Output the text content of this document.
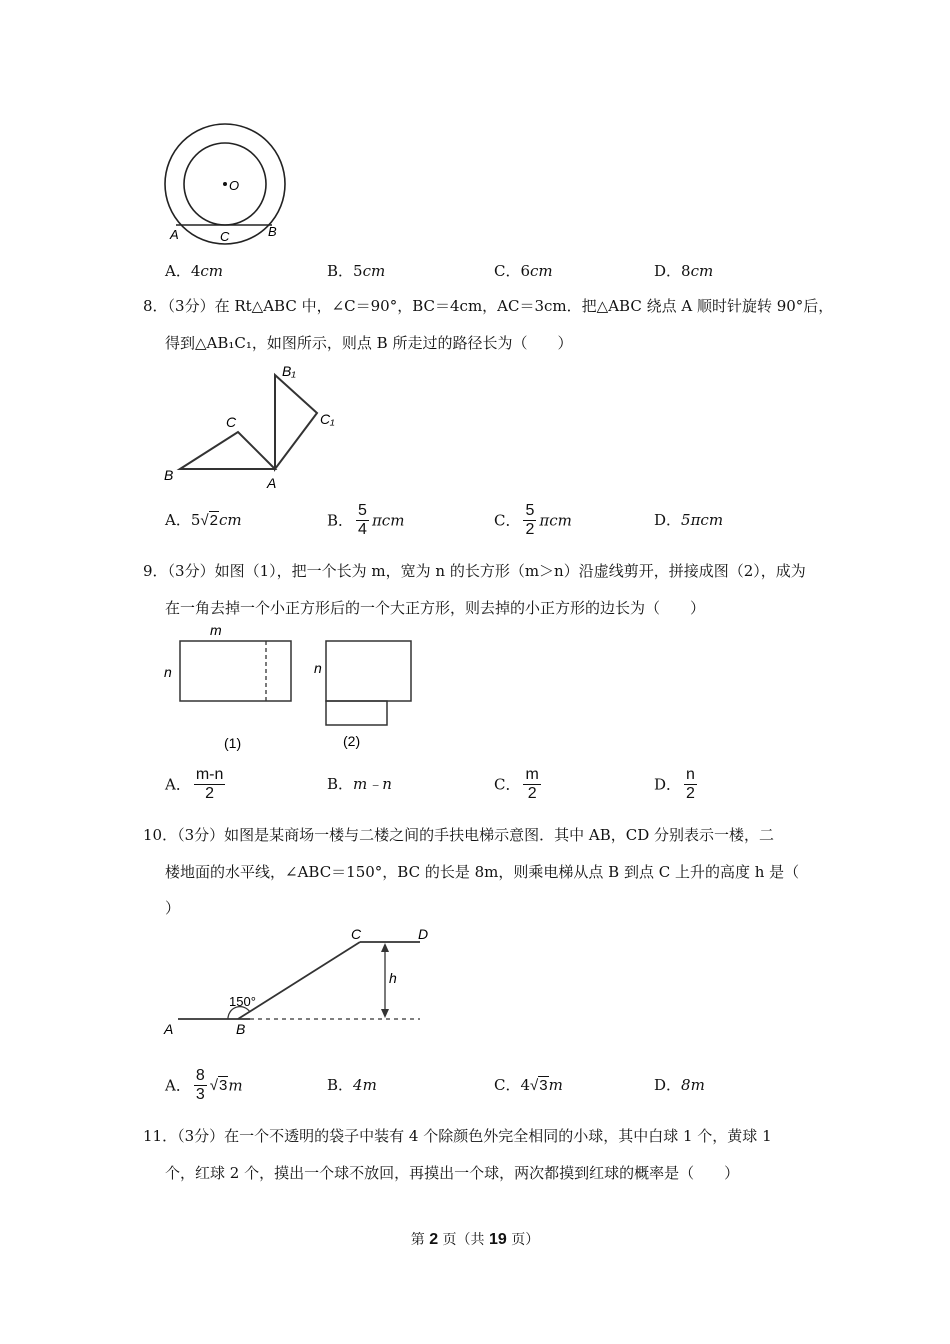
O
A	C	B
A．4cm	B．5cm	C．6cm	D．8cm
8．（3分）在 Rt△ABC 中，∠C＝90°，BC＝4cm，AC＝3cm．把△ABC 绕点 A 顺时针旋转 90°后，
得到△AB₁C₁，如图所示，则点 B 所走过的路径长为（　　）
B
C
A
B₁
C₁
A．5√2cm	B． $\frac{5}{4}$ πcm	C． $\frac{5}{2}$ πcm	D．5πcm
9．（3分）如图（1），把一个长为 m，宽为 n 的长方形（m＞n）沿虚线剪开，拼接成图（2），成为
在一角去掉一个小正方形后的一个大正方形，则去掉的小正方形的边长为（　　）
m
n
(1)
n
(2)
A． $\frac{m-n}{2}$	B．m﹣n	C． $\frac{m}{2}$	D． $\frac{n}{2}$
10．（3分）如图是某商场一楼与二楼之间的手扶电梯示意图．其中 AB，CD 分别表示一楼，二
楼地面的水平线，∠ABC＝150°，BC 的长是 8m，则乘电梯从点 B 到点 C 上升的高度 h 是（
）
C	D
h
150°
A	B
A． $\frac{8}{3} √3m$	B．4m	C．4√3m	D．8m
11．（3分）在一个不透明的袋子中装有 4 个除颜色外完全相同的小球，其中白球 1 个，黄球 1
个，红球 2 个，摸出一个球不放回，再摸出一个球，两次都摸到红球的概率是（　　）
第 2 页（共 19 页）
